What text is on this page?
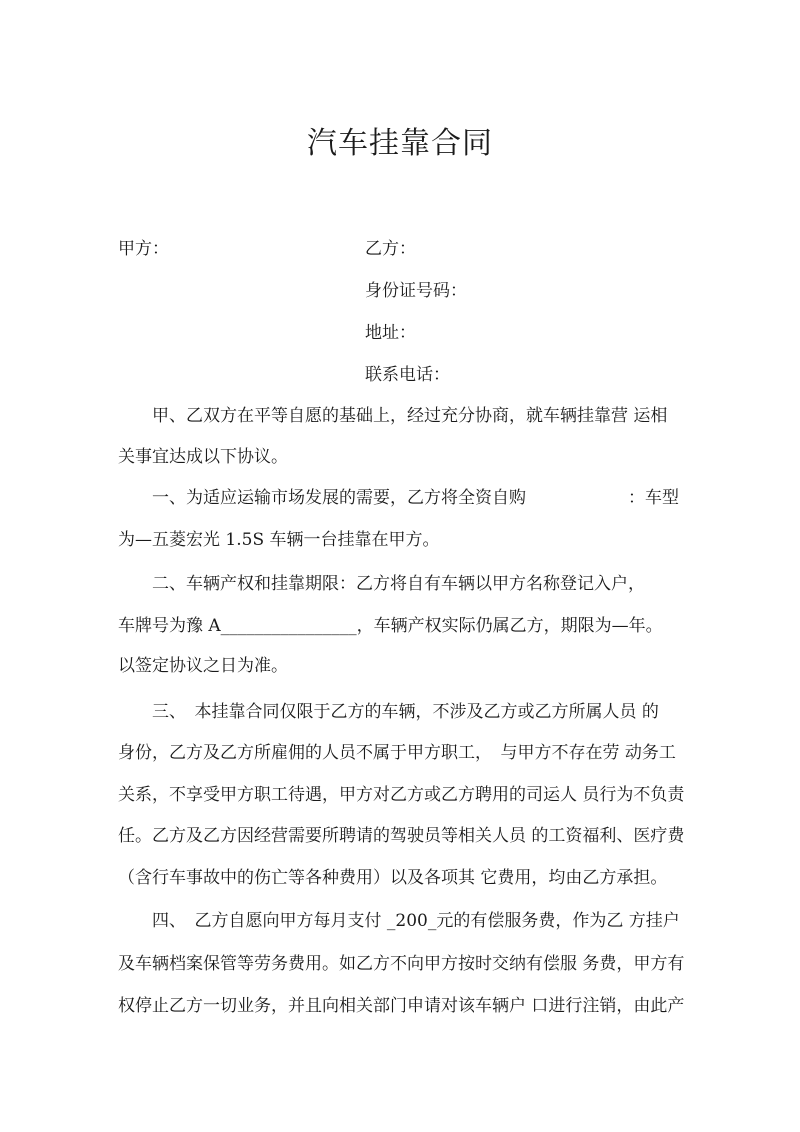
汽车挂靠合同
甲方：	乙方：
身份证号码：
地址：
联系电话：
　　甲、乙双方在平等自愿的基础上，经过充分协商，就车辆挂靠营 运相
关事宜达成以下协议。
　　一、为适应运输市场发展的需要，乙方将全资自购　　　　　　：车型
为—五菱宏光 1.5S 车辆一台挂靠在甲方。
　　二、车辆产权和挂靠期限：乙方将自有车辆以甲方名称登记入户，
车牌号为豫 A________________，车辆产权实际仍属乙方，期限为—年。
以签定协议之日为准。
　　三、　本挂靠合同仅限于乙方的车辆，不涉及乙方或乙方所属人员 的
身份，乙方及乙方所雇佣的人员不属于甲方职工，　与甲方不存在劳 动务工
关系，不享受甲方职工待遇，甲方对乙方或乙方聘用的司运人 员行为不负责
任。乙方及乙方因经营需要所聘请的驾驶员等相关人员 的工资福利、医疗费
（含行车事故中的伤亡等各种费用）以及各项其 它费用，均由乙方承担。
　　四、　乙方自愿向甲方每月支付 _200_元的有偿服务费，作为乙 方挂户
及车辆档案保管等劳务费用。如乙方不向甲方按时交纳有偿服 务费，甲方有
权停止乙方一切业务，并且向相关部门申请对该车辆户 口进行注销，由此产
